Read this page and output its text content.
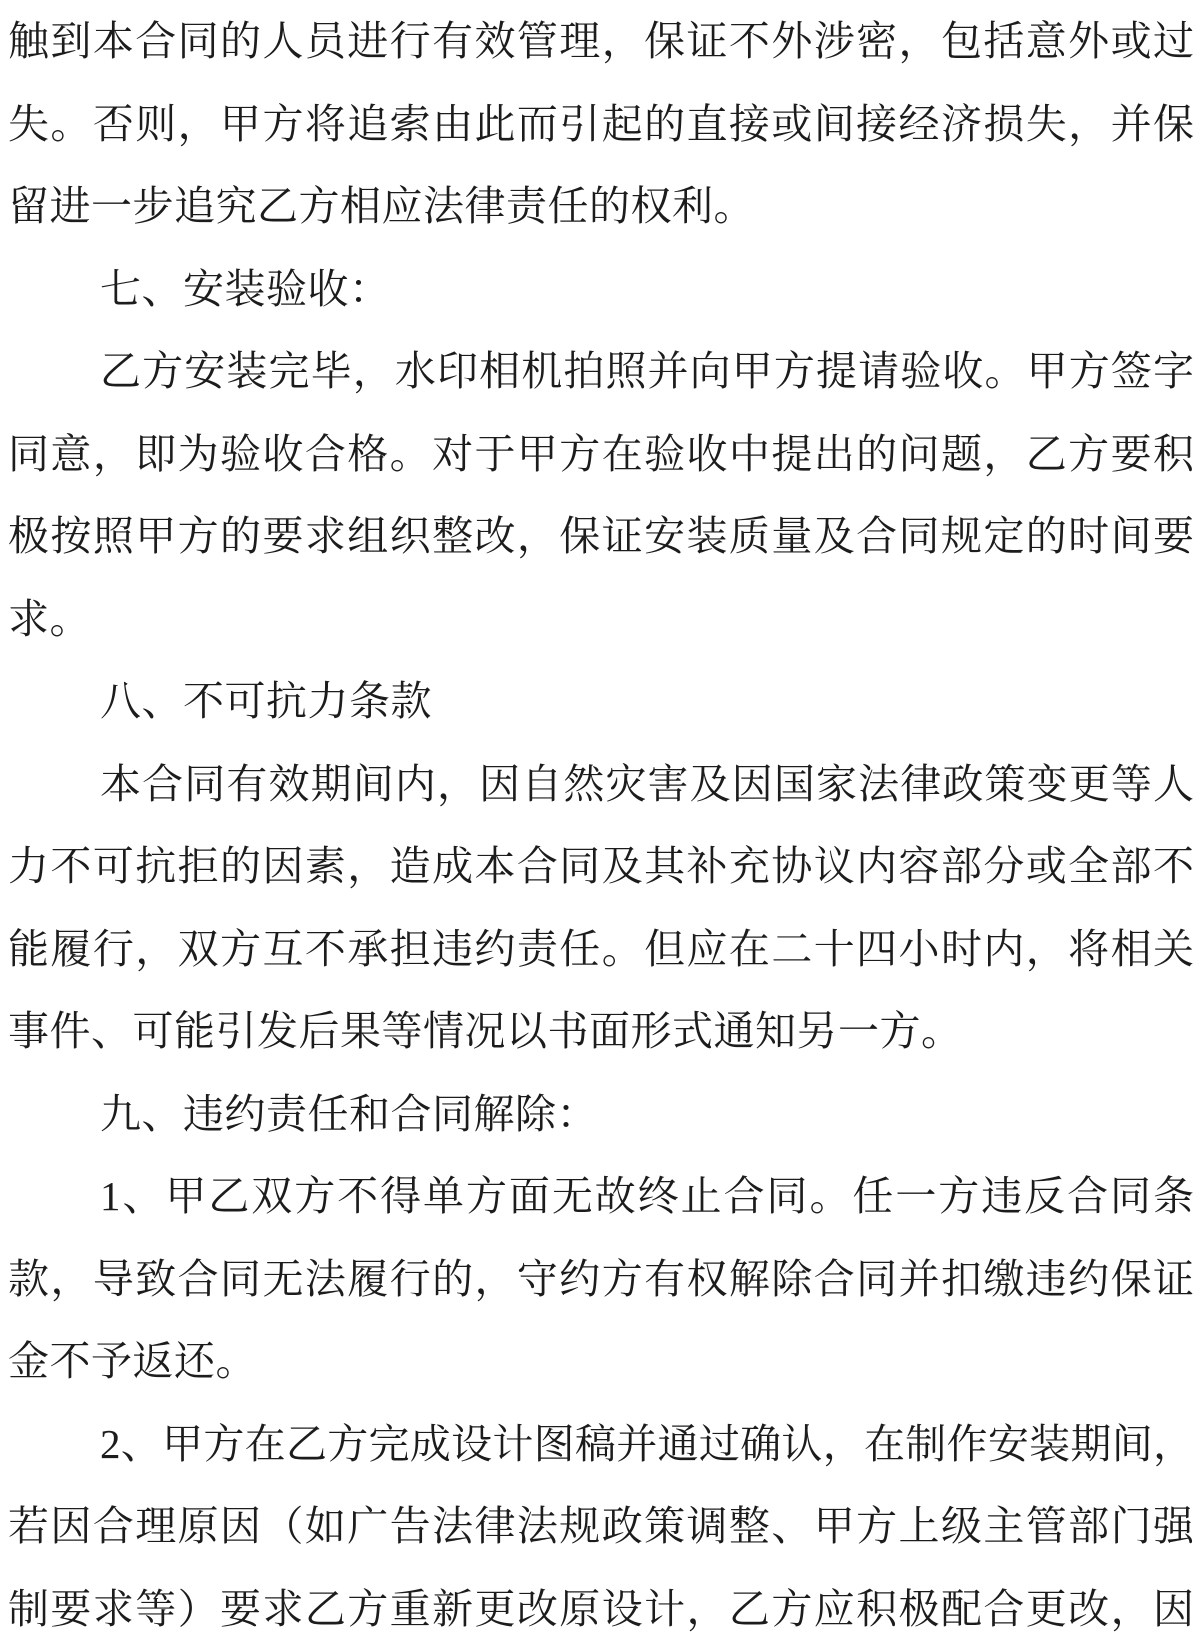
触到本合同的人员进行有效管理，保证不外涉密，包括意外或过
失。否则，甲方将追索由此而引起的直接或间接经济损失，并保
留进一步追究乙方相应法律责任的权利。
七、安装验收：
乙方安装完毕，水印相机拍照并向甲方提请验收。甲方签字
同意，即为验收合格。对于甲方在验收中提出的问题，乙方要积
极按照甲方的要求组织整改，保证安装质量及合同规定的时间要
求。
八、不可抗力条款
本合同有效期间内，因自然灾害及因国家法律政策变更等人
力不可抗拒的因素，造成本合同及其补充协议内容部分或全部不
能履行，双方互不承担违约责任。但应在二十四小时内，将相关
事件、可能引发后果等情况以书面形式通知另一方。
九、违约责任和合同解除：
1、甲乙双方不得单方面无故终止合同。任一方违反合同条
款，导致合同无法履行的，守约方有权解除合同并扣缴违约保证
金不予返还。
2、甲方在乙方完成设计图稿并通过确认，在制作安装期间，
若因合理原因（如广告法律法规政策调整、甲方上级主管部门强
制要求等）要求乙方重新更改原设计，乙方应积极配合更改，因
